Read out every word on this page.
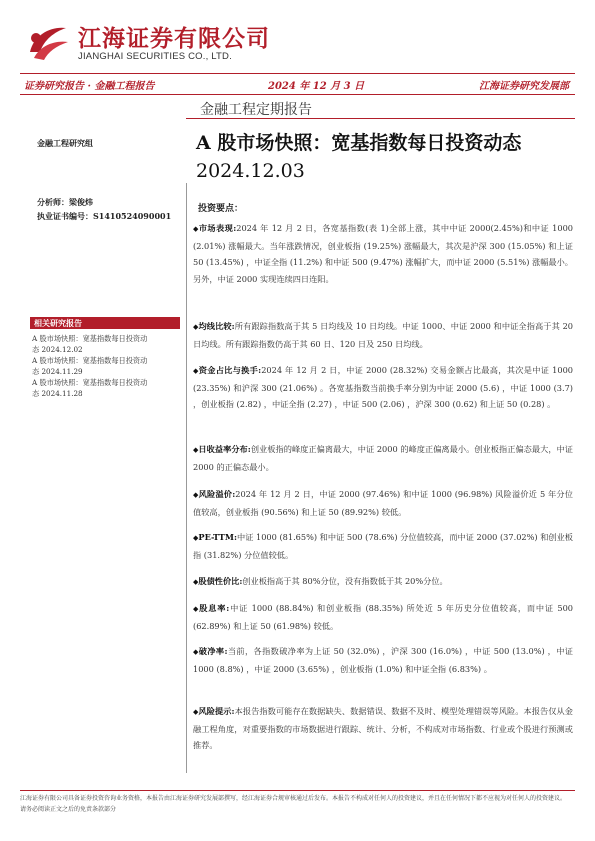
江海证券有限公司
JIANGHAI SECURITIES CO., LTD.
证券研究报告 · 金融工程报告	2024 年 12 月 3 日	江海证券研究发展部
金融工程定期报告
A 股市场快照：宽基指数每日投资动态
2024.12.03
金融工程研究组
分析师：梁俊炜
执业证书编号：S1410524090001
相关研究报告
A 股市场快照：宽基指数每日投资动
态 2024.12.02
A 股市场快照：宽基指数每日投资动
态 2024.11.29
A 股市场快照：宽基指数每日投资动
态 2024.11.28
投资要点：
◆市场表现:2024 年 12 月 2 日，各宽基指数(表 1)全部上涨，其中中证 2000(2.45%)和中证 1000 (2.01%) 涨幅最大。当年涨跌情况，创业板指 (19.25%) 涨幅最大，其次是沪深 300 (15.05%) 和上证 50 (13.45%) ，中证全指 (11.2%) 和中证 500 (9.47%) 涨幅扩大，而中证 2000 (5.51%) 涨幅最小。另外，中证 2000 实现连续四日连阳。
◆均线比较:所有跟踪指数高于其 5 日均线及 10 日均线。中证 1000、中证 2000 和中证全指高于其 20 日均线。所有跟踪指数仍高于其 60 日、120 日及 250 日均线。
◆资金占比与换手:2024 年 12 月 2 日，中证 2000 (28.32%) 交易金额占比最高，其次是中证 1000 (23.35%) 和沪深 300 (21.06%) 。各宽基指数当前换手率分别为中证 2000 (5.6) ，中证 1000 (3.7) ，创业板指 (2.82) ，中证全指 (2.27) ，中证 500 (2.06) ，沪深 300 (0.62) 和上证 50 (0.28) 。
◆日收益率分布:创业板指的峰度正偏离最大，中证 2000 的峰度正偏离最小。创业板指正偏态最大，中证 2000 的正偏态最小。
◆风险溢价:2024 年 12 月 2 日，中证 2000 (97.46%) 和中证 1000 (96.98%) 风险溢价近 5 年分位值较高，创业板指 (90.56%) 和上证 50 (89.92%) 较低。
◆PE-TTM:中证 1000 (81.65%) 和中证 500 (78.6%) 分位值较高，而中证 2000 (37.02%) 和创业板指 (31.82%) 分位值较低。
◆股债性价比:创业板指高于其 80%分位，没有指数低于其 20%分位。
◆股息率:中证 1000 (88.84%) 和创业板指 (88.35%) 所处近 5 年历史分位值较高，而中证 500 (62.89%) 和上证 50 (61.98%) 较低。
◆破净率:当前，各指数破净率为上证 50 (32.0%) ，沪深 300 (16.0%) ，中证 500 (13.0%) ，中证 1000 (8.8%) ，中证 2000 (3.65%) ，创业板指 (1.0%) 和中证全指 (6.83%) 。
◆风险提示:本报告指数可能存在数据缺失、数据错误、数据不及时、模型处理错误等风险。本报告仅从金融工程角度，对重要指数的市场数据进行跟踪、统计、分析，不构成对市场指数、行业或个股进行预测或推荐。
江海证券有限公司具备证券投资咨询业务资格，本报告由江海证券研究发展部撰写，经江海证券合规审核通过后发布。本报告不构成对任何人的投资建议，并且在任何情况下都不应视为对任何人的投资建议。
请务必阅读正文之后的免责条款部分
